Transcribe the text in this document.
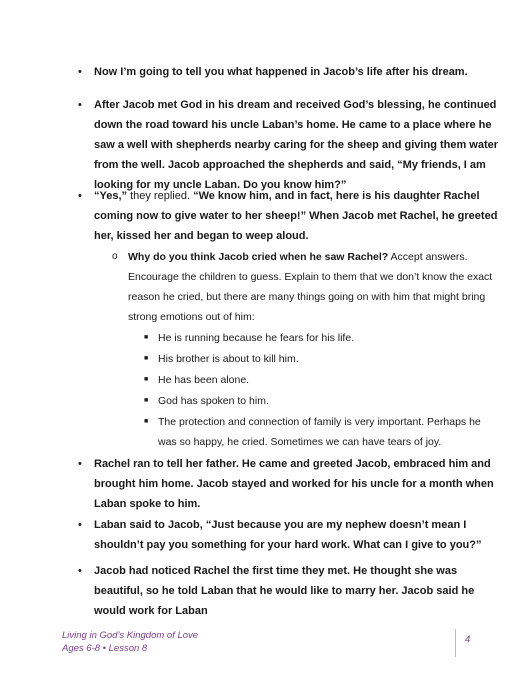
• Now I’m going to tell you what happened in Jacob’s life after his dream.
• After Jacob met God in his dream and received God’s blessing, he continued down the road toward his uncle Laban’s home. He came to a place where he saw a well with shepherds nearby caring for the sheep and giving them water from the well. Jacob approached the shepherds and said, “My friends, I am looking for my uncle Laban. Do you know him?”
• “Yes,” they replied. “We know him, and in fact, here is his daughter Rachel coming now to give water to her sheep!” When Jacob met Rachel, he greeted her, kissed her and began to weep aloud.
o Why do you think Jacob cried when he saw Rachel? Accept answers. Encourage the children to guess. Explain to them that we don’t know the exact reason he cried, but there are many things going on with him that might bring strong emotions out of him:
■ He is running because he fears for his life.
■ His brother is about to kill him.
■ He has been alone.
■ God has spoken to him.
■ The protection and connection of family is very important. Perhaps he was so happy, he cried. Sometimes we can have tears of joy.
• Rachel ran to tell her father. He came and greeted Jacob, embraced him and brought him home. Jacob stayed and worked for his uncle for a month when Laban spoke to him.
• Laban said to Jacob, “Just because you are my nephew doesn’t mean I shouldn’t pay you something for your hard work. What can I give to you?”
• Jacob had noticed Rachel the first time they met. He thought she was beautiful, so he told Laban that he would like to marry her. Jacob said he would work for Laban
Living in God’s Kingdom of Love
Ages 6-8 • Lesson 8
4
